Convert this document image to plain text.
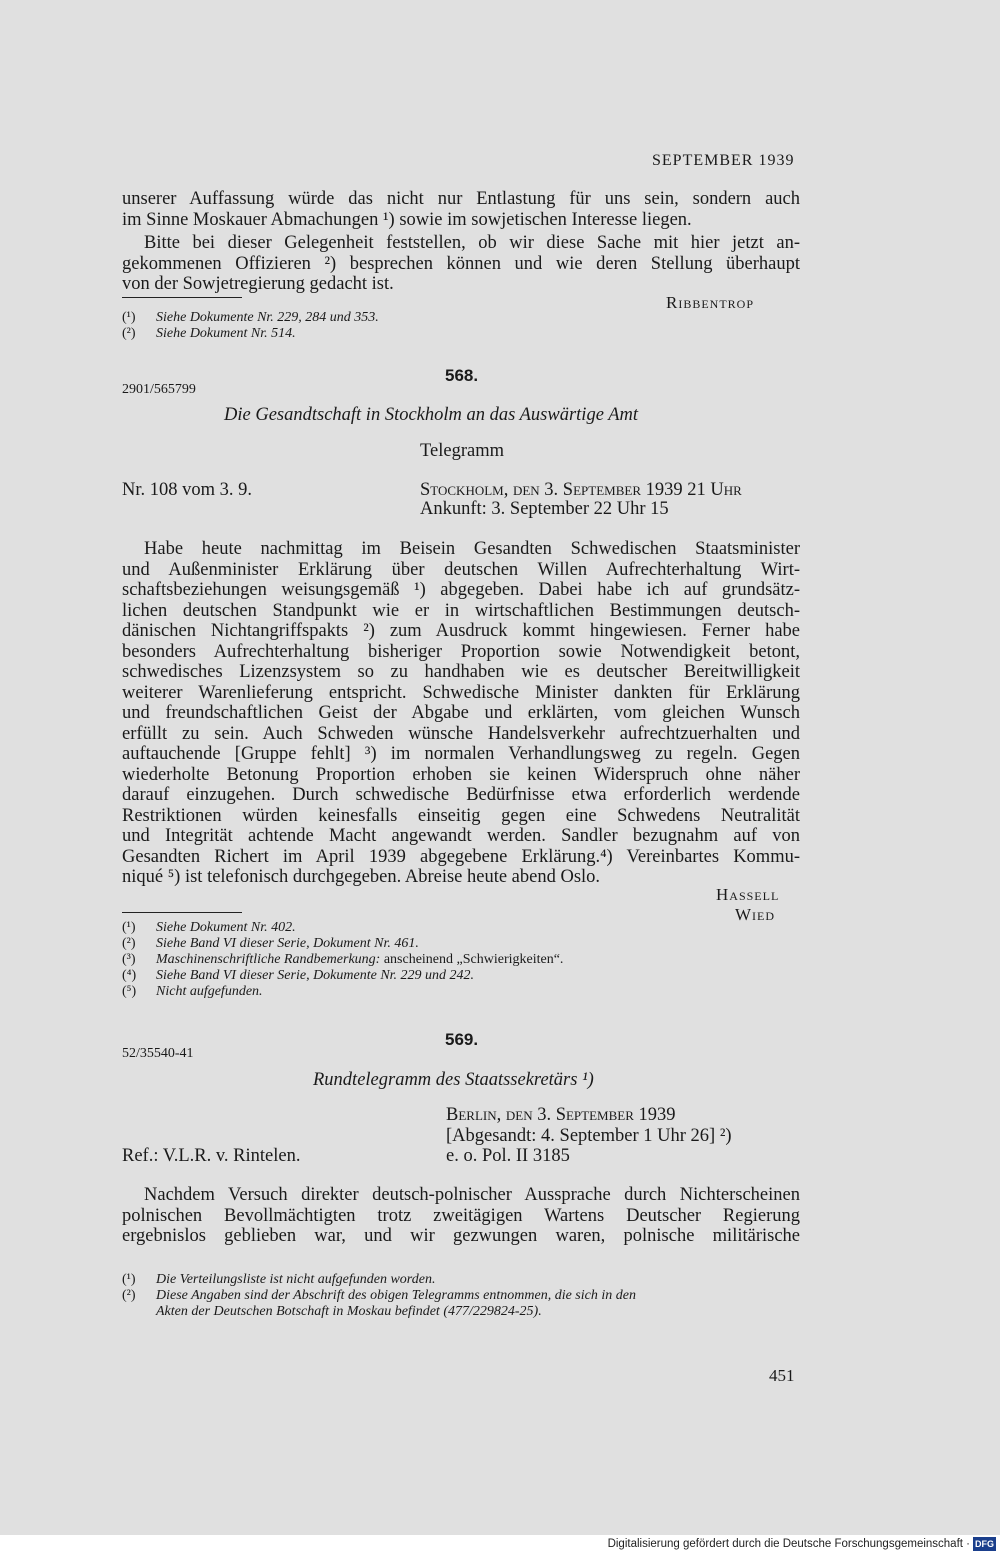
SEPTEMBER 1939
unserer Auffassung würde das nicht nur Entlastung für uns sein, sondern auch
im Sinne Moskauer Abmachungen ¹) sowie im sowjetischen Interesse liegen.
Bitte bei dieser Gelegenheit feststellen, ob wir diese Sache mit hier jetzt an-
gekommenen Offizieren ²) besprechen können und wie deren Stellung überhaupt
von der Sowjetregierung gedacht ist.
Ribbentrop
(¹) Siehe Dokumente Nr. 229, 284 und 353.
(²) Siehe Dokument Nr. 514.
568.
2901/565799
Die Gesandtschaft in Stockholm an das Auswärtige Amt
Telegramm
Nr. 108 vom 3. 9.	Stockholm, den 3. September 1939 21 Uhr
Ankunft: 3. September 22 Uhr 15
Habe heute nachmittag im Beisein Gesandten Schwedischen Staatsminister
und Außenminister Erklärung über deutschen Willen Aufrechterhaltung Wirt-
schaftsbeziehungen weisungsgemäß ¹) abgegeben. Dabei habe ich auf grundsätz-
lichen deutschen Standpunkt wie er in wirtschaftlichen Bestimmungen deutsch-
dänischen Nichtangriffspakts ²) zum Ausdruck kommt hingewiesen. Ferner habe
besonders Aufrechterhaltung bisheriger Proportion sowie Notwendigkeit betont,
schwedisches Lizenzsystem so zu handhaben wie es deutscher Bereitwilligkeit
weiterer Warenlieferung entspricht. Schwedische Minister dankten für Erklärung
und freundschaftlichen Geist der Abgabe und erklärten, vom gleichen Wunsch
erfüllt zu sein. Auch Schweden wünsche Handelsverkehr aufrechtzuerhalten und
auftauchende [Gruppe fehlt] ³) im normalen Verhandlungsweg zu regeln. Gegen
wiederholte Betonung Proportion erhoben sie keinen Widerspruch ohne näher
darauf einzugehen. Durch schwedische Bedürfnisse etwa erforderlich werdende
Restriktionen würden keinesfalls einseitig gegen eine Schwedens Neutralität
und Integrität achtende Macht angewandt werden. Sandler bezugnahm auf von
Gesandten Richert im April 1939 abgegebene Erklärung.⁴) Vereinbartes Kommu-
niqué ⁵) ist telefonisch durchgegeben. Abreise heute abend Oslo.
Hassell
Wied
(¹) Siehe Dokument Nr. 402.
(²) Siehe Band VI dieser Serie, Dokument Nr. 461.
(³) Maschinenschriftliche Randbemerkung: anscheinend „Schwierigkeiten“.
(⁴) Siehe Band VI dieser Serie, Dokumente Nr. 229 und 242.
(⁵) Nicht aufgefunden.
569.
52/35540-41
Rundtelegramm des Staatssekretärs ¹)
Berlin, den 3. September 1939
[Abgesandt: 4. September 1 Uhr 26] ²)
Ref.: V.L.R. v. Rintelen.	e. o. Pol. II 3185
Nachdem Versuch direkter deutsch-polnischer Aussprache durch Nichterscheinen
polnischen Bevollmächtigten trotz zweitägigen Wartens Deutscher Regierung
ergebnislos geblieben war, und wir gezwungen waren, polnische militärische
(¹) Die Verteilungsliste ist nicht aufgefunden worden.
(²) Diese Angaben sind der Abschrift des obigen Telegramms entnommen, die sich in den
Akten der Deutschen Botschaft in Moskau befindet (477/229824-25).
451
Digitalisierung gefördert durch die Deutsche Forschungsgemeinschaft · DFG
